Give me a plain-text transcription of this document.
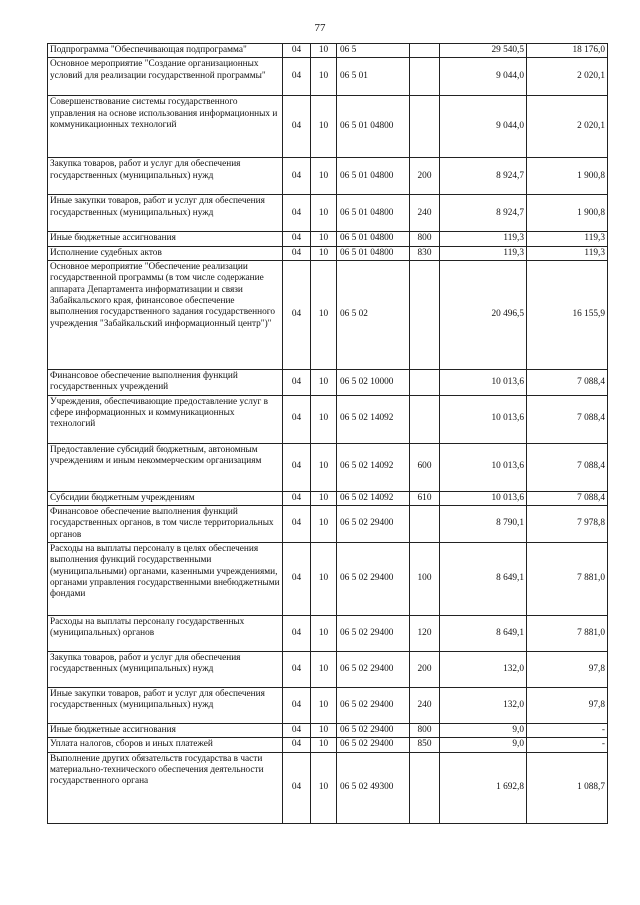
77
Подпрограмма "Обеспечивающая подпрограмма"	04	10	06 5		29 540,5	18 176,0
Основное мероприятие "Создание организационных условий для реализации государственной программы"	04	10	06 5 01		9 044,0	2 020,1
Совершенствование системы государственного управления на основе использования информационных и коммуникационных технологий	04	10	06 5 01 04800		9 044,0	2 020,1
Закупка товаров, работ и услуг для обеспечения государственных (муниципальных) нужд	04	10	06 5 01 04800	200	8 924,7	1 900,8
Иные закупки товаров, работ и услуг для обеспечения государственных (муниципальных) нужд	04	10	06 5 01 04800	240	8 924,7	1 900,8
Иные бюджетные ассигнования	04	10	06 5 01 04800	800	119,3	119,3
Исполнение судебных актов	04	10	06 5 01 04800	830	119,3	119,3
Основное мероприятие "Обеспечение реализации государственной программы (в том числе содержание аппарата Департамента информатизации и связи Забайкальского края, финансовое обеспечение выполнения государственного задания государственного учреждения "Забайкальский информационный центр")"	04	10	06 5 02		20 496,5	16 155,9
Финансовое обеспечение выполнения функций государственных учреждений	04	10	06 5 02 10000		10 013,6	7 088,4
Учреждения, обеспечивающие предоставление услуг в сфере информационных и коммуникационных технологий	04	10	06 5 02 14092		10 013,6	7 088,4
Предоставление субсидий бюджетным, автономным учреждениям и иным некоммерческим организациям	04	10	06 5 02 14092	600	10 013,6	7 088,4
Субсидии бюджетным учреждениям	04	10	06 5 02 14092	610	10 013,6	7 088,4
Финансовое обеспечение выполнения функций государственных органов, в том числе территориальных органов	04	10	06 5 02 29400		8 790,1	7 978,8
Расходы на выплаты персоналу в целях обеспечения выполнения функций государственными (муниципальными) органами, казенными учреждениями, органами управления государственными внебюджетными фондами	04	10	06 5 02 29400	100	8 649,1	7 881,0
Расходы на выплаты персоналу государственных (муниципальных) органов	04	10	06 5 02 29400	120	8 649,1	7 881,0
Закупка товаров, работ и услуг для обеспечения государственных (муниципальных) нужд	04	10	06 5 02 29400	200	132,0	97,8
Иные закупки товаров, работ и услуг для обеспечения государственных (муниципальных) нужд	04	10	06 5 02 29400	240	132,0	97,8
Иные бюджетные ассигнования	04	10	06 5 02 29400	800	9,0	-
Уплата налогов, сборов и иных платежей	04	10	06 5 02 29400	850	9,0	-
Выполнение других обязательств государства в части материально-технического обеспечения деятельности государственного органа	04	10	06 5 02 49300		1 692,8	1 088,7
